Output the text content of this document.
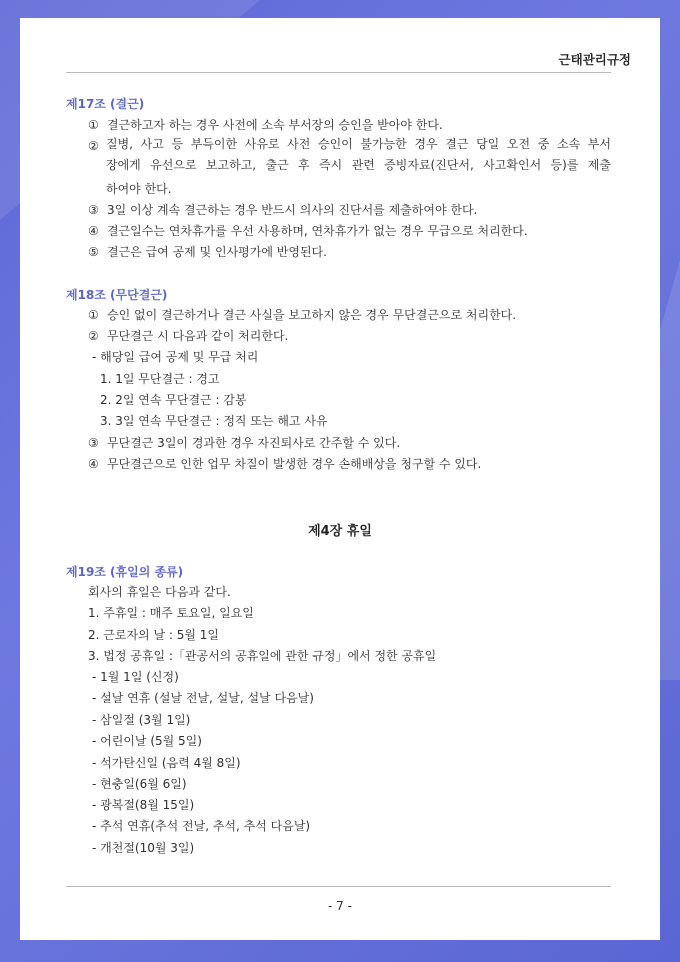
근태관리규정
제17조 (결근)
① 결근하고자 하는 경우 사전에 소속 부서장의 승인을 받아야 한다.
② 질병, 사고 등 부득이한 사유로 사전 승인이 불가능한 경우 결근 당일 오전 중 소속 부서
장에게 유선으로 보고하고, 출근 후 즉시 관련 증빙자료(진단서, 사고확인서 등)를 제출
하여야 한다.
③ 3일 이상 계속 결근하는 경우 반드시 의사의 진단서를 제출하여야 한다.
④ 결근일수는 연차휴가를 우선 사용하며, 연차휴가가 없는 경우 무급으로 처리한다.
⑤ 결근은 급여 공제 및 인사평가에 반영된다.
제18조 (무단결근)
① 승인 없이 결근하거나 결근 사실을 보고하지 않은 경우 무단결근으로 처리한다.
② 무단결근 시 다음과 같이 처리한다.
- 해당일 급여 공제 및 무급 처리
1. 1일 무단결근 : 경고
2. 2일 연속 무단결근 : 감봉
3. 3일 연속 무단결근 : 정직 또는 해고 사유
③ 무단결근 3일이 경과한 경우 자진퇴사로 간주할 수 있다.
④ 무단결근으로 인한 업무 차질이 발생한 경우 손해배상을 청구할 수 있다.
제4장 휴일
제19조 (휴일의 종류)
회사의 휴일은 다음과 같다.
1. 주휴일 : 매주 토요일, 일요일
2. 근로자의 날 : 5월 1일
3. 법정 공휴일 :「관공서의 공휴일에 관한 규정」에서 정한 공휴일
- 1월 1일 (신정)
- 설날 연휴 (설날 전날, 설날, 설날 다음날)
- 삼일절 (3월 1일)
- 어린이날 (5월 5일)
- 석가탄신일 (음력 4월 8일)
- 현충일(6월 6일)
- 광복절(8월 15일)
- 추석 연휴(추석 전날, 추석, 추석 다음날)
- 개천절(10월 3일)
- 7 -
